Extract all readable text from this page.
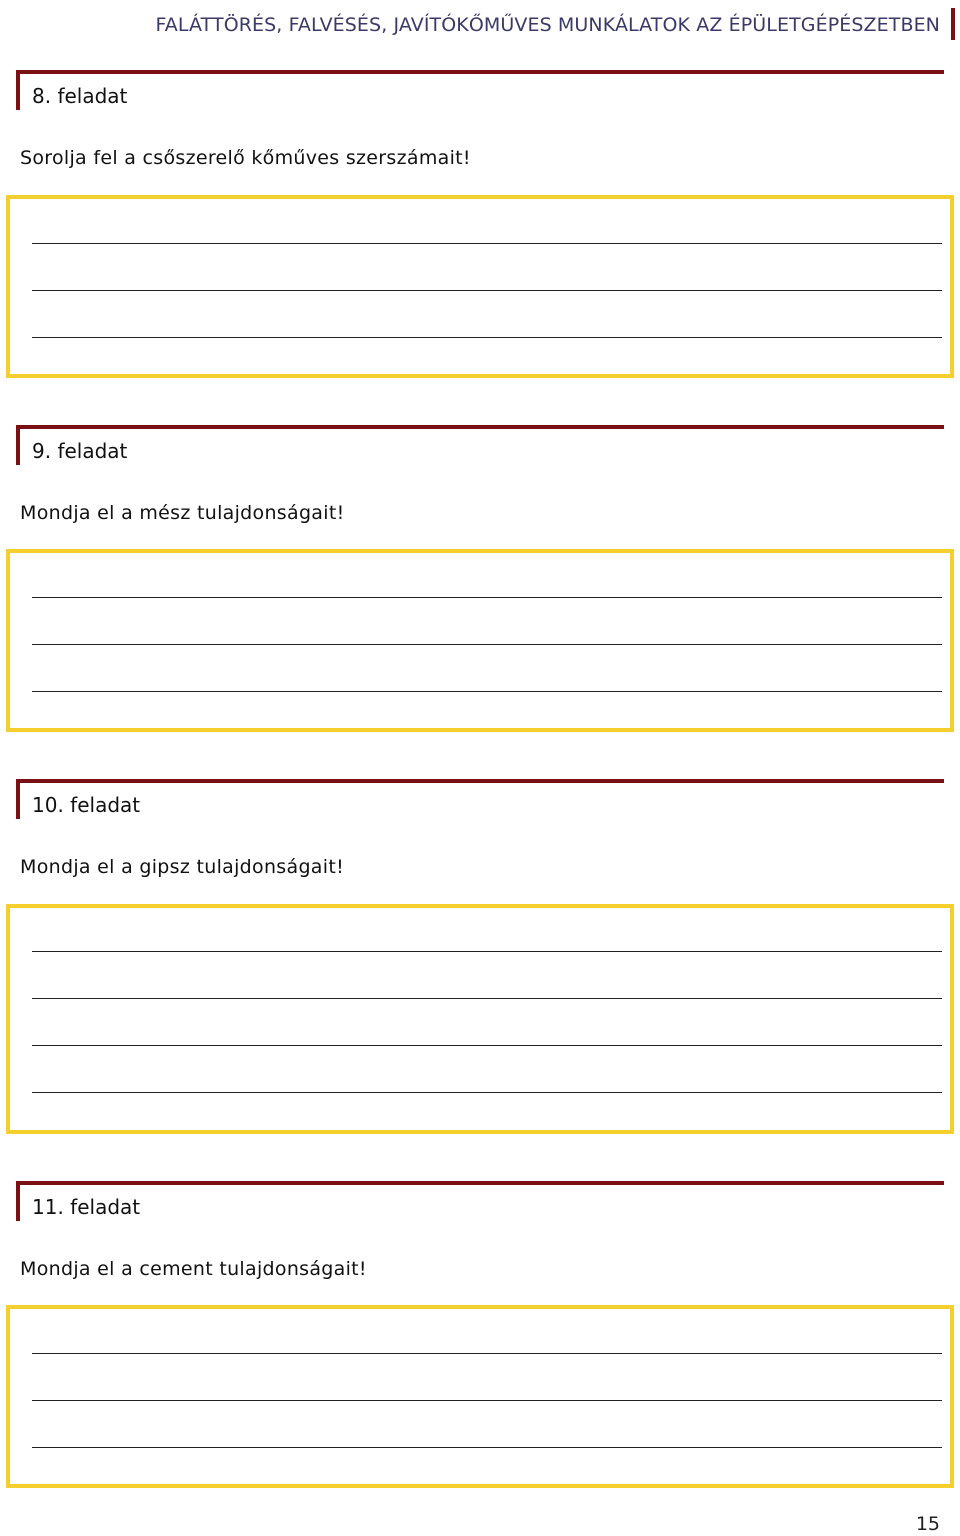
FALÁTTÖRÉS, FALVÉSÉS, JAVÍTÓKŐMŰVES MUNKÁLATOK AZ ÉPÜLETGÉPÉSZETBEN
8. feladat
Sorolja fel a csőszerelő kőműves szerszámait!
9. feladat
Mondja el a mész tulajdonságait!
10. feladat
Mondja el a gipsz tulajdonságait!
11. feladat
Mondja el a cement tulajdonságait!
15
